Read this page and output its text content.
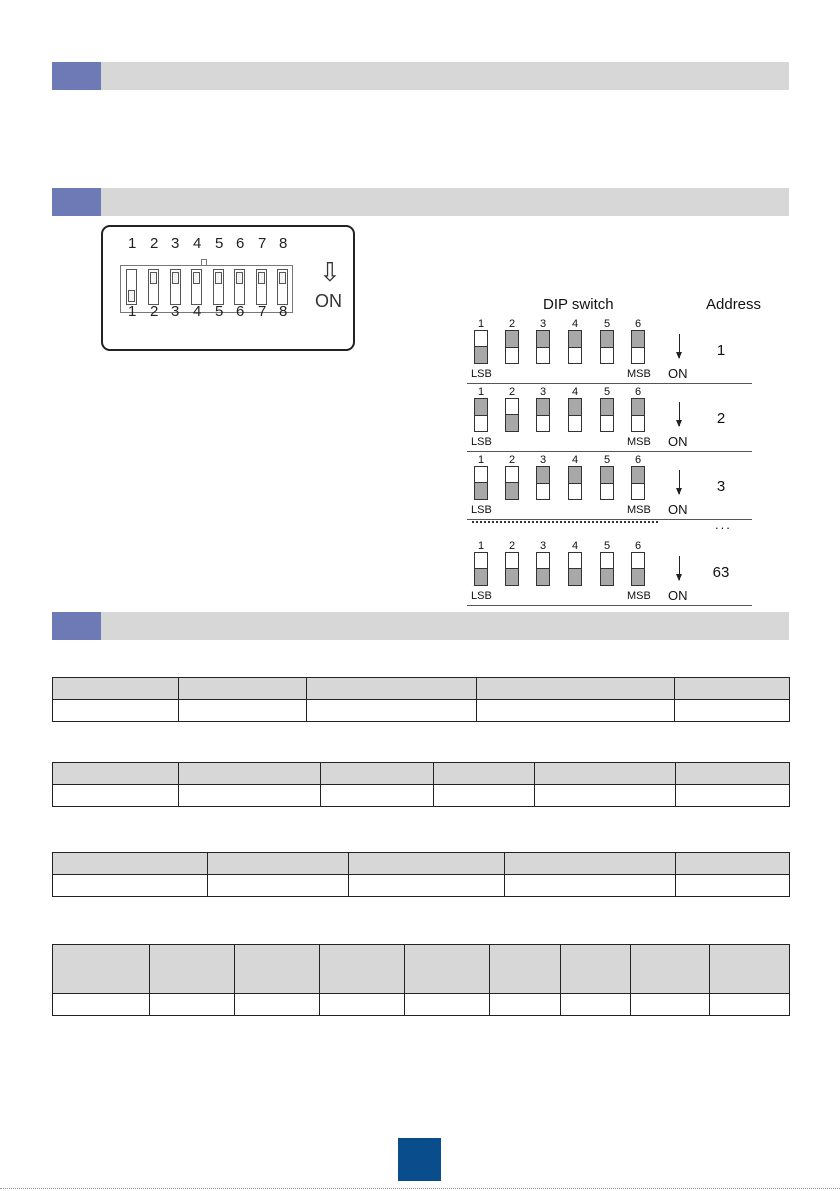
1 2 3 4 5 6 7 8
1 2 3 4 5 6 7 8
⇩
ON	DIP switch	Address
1	2	3	4	5	6
LSB	MSB ON
1
1	2	3	4	5	6
LSB	MSB ON
2
1	2	3	4	5	6
LSB	MSB ON
3
1	2	3	4	5	6
LSB	MSB ON
63
...
